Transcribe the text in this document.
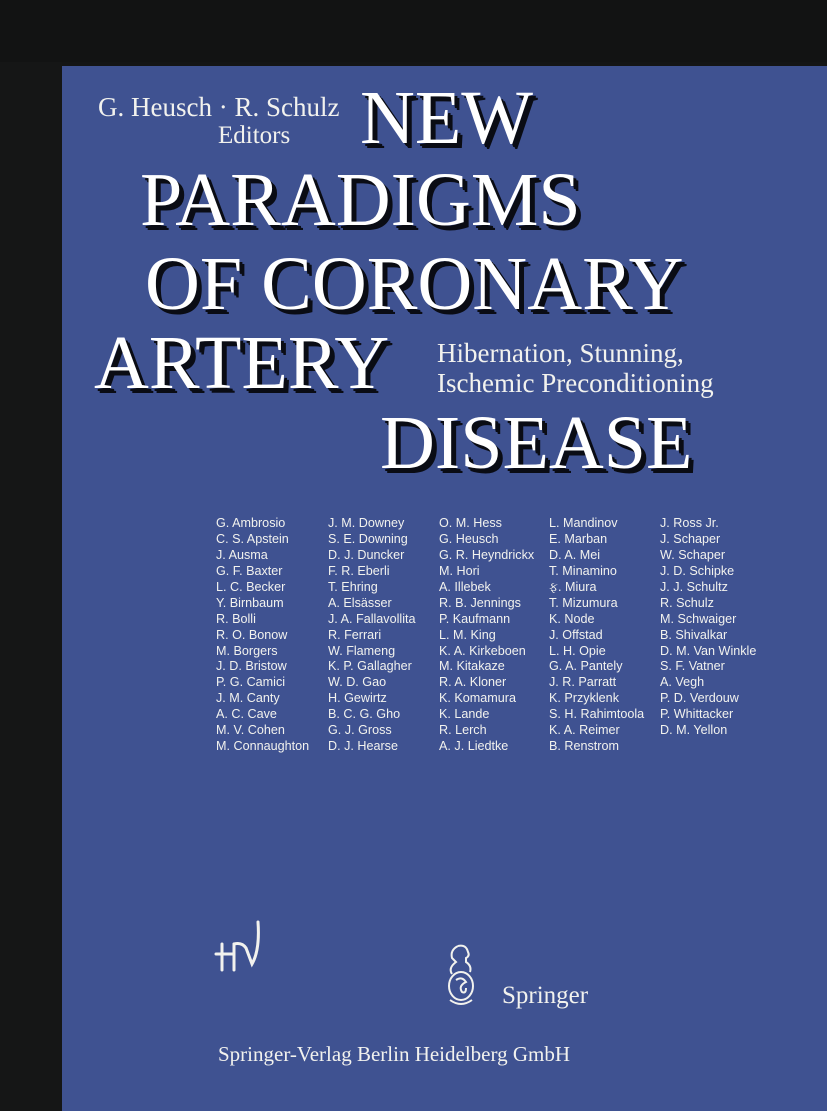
G. Heusch · R. Schulz
Editors NEW
PARADIGMS
OF CORONARY
ARTERY
DISEASE
Hibernation, Stunning,
Ischemic Preconditioning
G. Ambrosio
C. S. Apstein
J. Ausma
G. F. Baxter
L. C. Becker
Y. Birnbaum
R. Bolli
R. O. Bonow
M. Borgers
J. D. Bristow
P. G. Camici
J. M. Canty
A. C. Cave
M. V. Cohen
M. Connaughton
J. M. Downey
S. E. Downing
D. J. Duncker
F. R. Eberli
T. Ehring
A. Elsässer
J. A. Fallavollita
R. Ferrari
W. Flameng
K. P. Gallagher
W. D. Gao
H. Gewirtz
B. C. G. Gho
G. J. Gross
D. J. Hearse
O. M. Hess
G. Heusch
G. R. Heyndrickx
M. Hori
A. Illebek
R. B. Jennings
P. Kaufmann
L. M. King
K. A. Kirkeboen
M. Kitakaze
R. A. Kloner
K. Komamura
K. Lande
R. Lerch
A. J. Liedtke
L. Mandinov
E. Marban
D. A. Mei
T. Minamino
ફ. Miura
T. Mizumura
K. Node
J. Offstad
L. H. Opie
G. A. Pantely
J. R. Parratt
K. Przyklenk
S. H. Rahimtoola
K. A. Reimer
B. Renstrom
J. Ross Jr.
J. Schaper
W. Schaper
J. D. Schipke
J. J. Schultz
R. Schulz
M. Schwaiger
B. Shivalkar
D. M. Van Winkle
S. F. Vatner
A. Vegh
P. D. Verdouw
P. Whittacker
D. M. Yellon
Springer
Springer-Verlag Berlin Heidelberg GmbH
